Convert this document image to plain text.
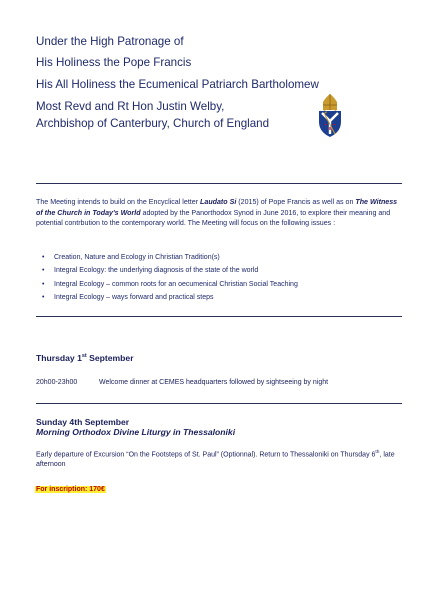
Under the High Patronage of
His Holiness the Pope Francis
His All Holiness the Ecumenical Patriarch Bartholomew
Most Revd and Rt Hon Justin Welby,
Archbishop of Canterbury, Church of England

The Meeting intends to build on the Encyclical letter Laudato Si (2015) of Pope Francis as well as on The Witness of the Church in Today's World adopted by the Panorthodox Synod in June 2016, to explore their meaning and potential contrbution to the contemporary world. The Meeting will focus on the following issues :

• Creation, Nature and Ecology in Christian Tradition(s)
• Integral Ecology: the underlying diagnosis of the state of the world
• Integral Ecology – common roots for an oecumenical Christian Social Teaching
• Integral Ecology – ways forward and practical steps
Thursday 1st September
20h00-23h00	Welcome dinner at CEMES headquarters followed by sightseeing by night
Sunday 4th September
Morning Orthodox Divine Liturgy in Thessaloniki
Early departure of Excursion “On the Footsteps of St. Paul” (Optionnal). Return to Thessaloniki on Thursday 6th, late afternoon
For inscription: 170€
